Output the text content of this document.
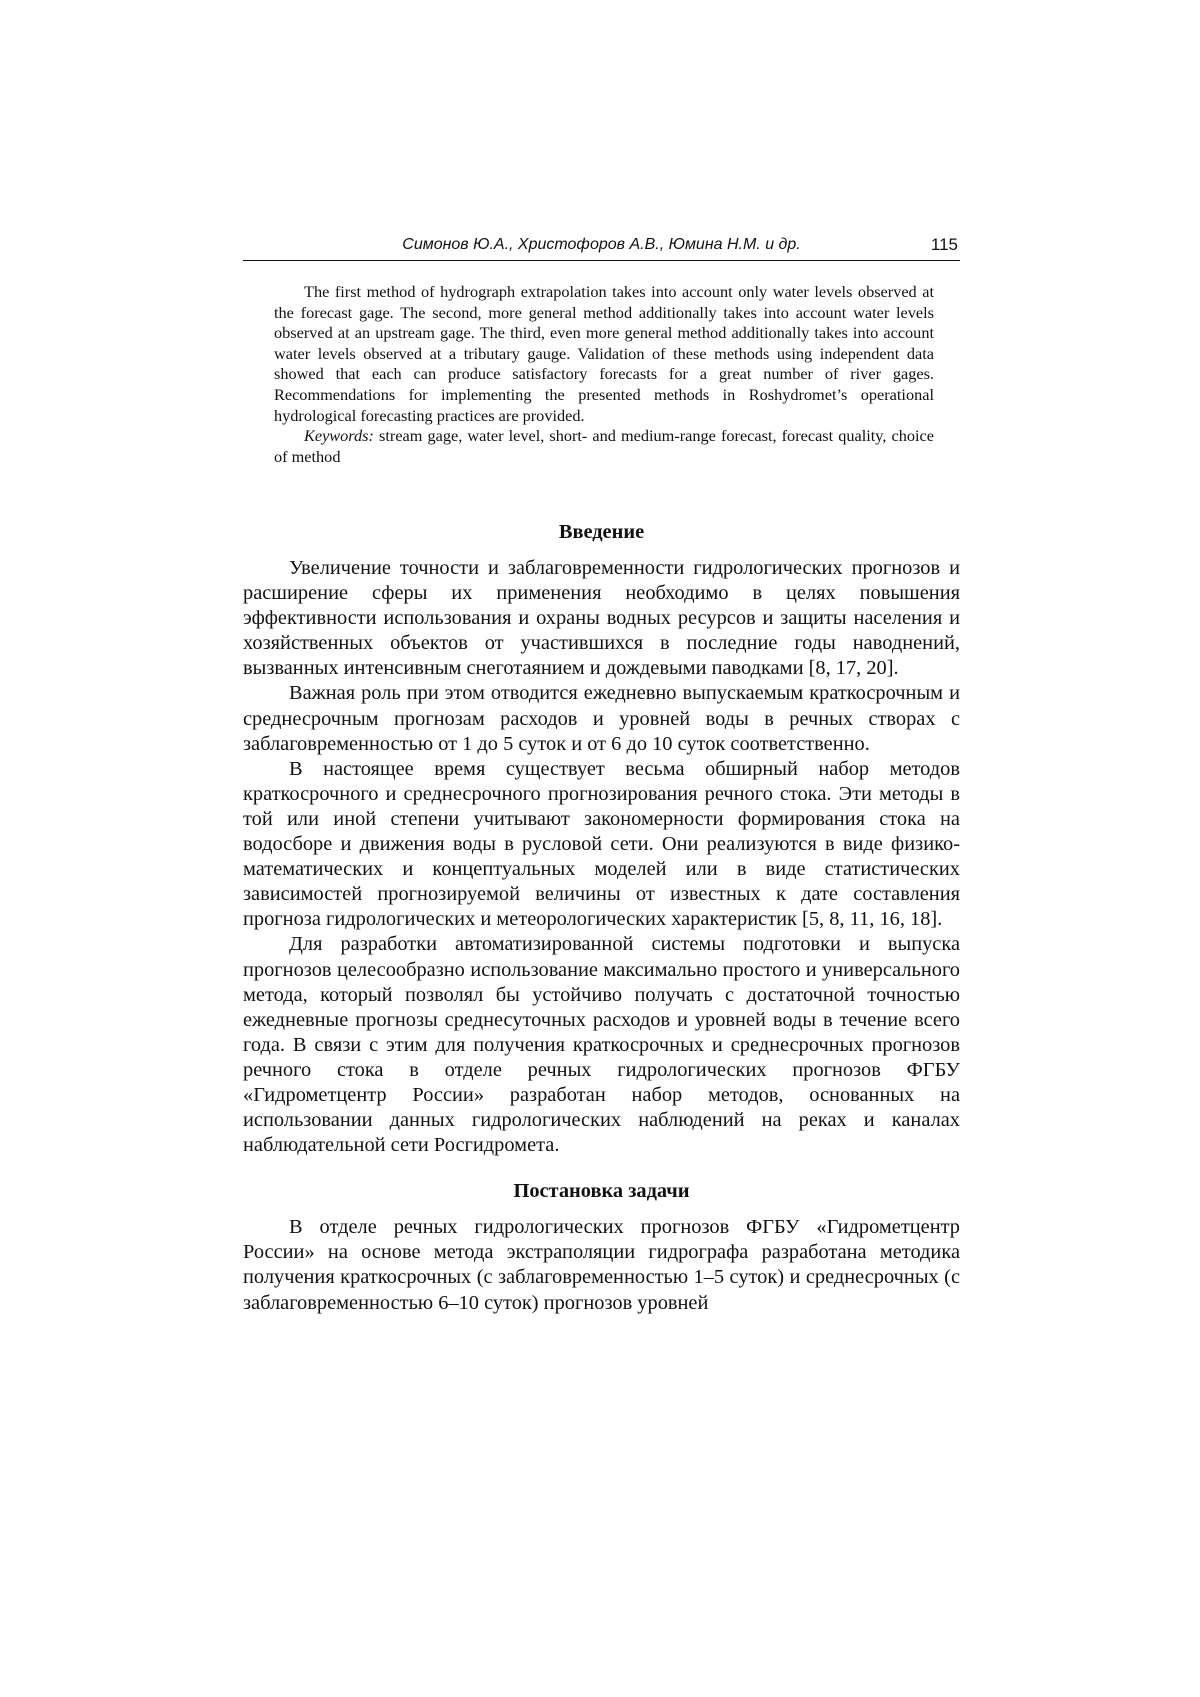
Симонов Ю.А., Христофоров А.В., Юмина Н.М. и др.	115

The first method of hydrograph extrapolation takes into account only water levels observed at the forecast gage. The second, more general method additionally takes into account water levels observed at an upstream gage. The third, even more general method additionally takes into account water levels observed at a tributary gauge. Validation of these methods using independent data showed that each can produce satisfactory forecasts for a great number of river gages. Recommendations for implementing the presented methods in Roshydromet’s operational hydrological forecasting practices are provided.

Keywords: stream gage, water level, short- and medium-range forecast, forecast quality, choice of method

Введение

Увеличение точности и заблаговременности гидрологических прогнозов и расширение сферы их применения необходимо в целях повышения эффективности использования и охраны водных ресурсов и защиты населения и хозяйственных объектов от участившихся в последние годы наводнений, вызванных интенсивным снеготаянием и дождевыми паводками [8, 17, 20].

Важная роль при этом отводится ежедневно выпускаемым краткосрочным и среднесрочным прогнозам расходов и уровней воды в речных створах с заблаговременностью от 1 до 5 суток и от 6 до 10 суток соответственно.

В настоящее время существует весьма обширный набор методов краткосрочного и среднесрочного прогнозирования речного стока. Эти методы в той или иной степени учитывают закономерности формирования стока на водосборе и движения воды в русловой сети. Они реализуются в виде физико-математических и концептуальных моделей или в виде статистических зависимостей прогнозируемой величины от известных к дате составления прогноза гидрологических и метеорологических характеристик [5, 8, 11, 16, 18].

Для разработки автоматизированной системы подготовки и выпуска прогнозов целесообразно использование максимально простого и универсального метода, который позволял бы устойчиво получать с достаточной точностью ежедневные прогнозы среднесуточных расходов и уровней воды в течение всего года. В связи с этим для получения краткосрочных и среднесрочных прогнозов речного стока в отделе речных гидрологических прогнозов ФГБУ «Гидрометцентр России» разработан набор методов, основанных на использовании данных гидрологических наблюдений на реках и каналах наблюдательной сети Росгидромета.

Постановка задачи

В отделе речных гидрологических прогнозов ФГБУ «Гидрометцентр России» на основе метода экстраполяции гидрографа разработана методика получения краткосрочных (с заблаговременностью 1–5 суток) и среднесрочных (с заблаговременностью 6–10 суток) прогнозов уровней
